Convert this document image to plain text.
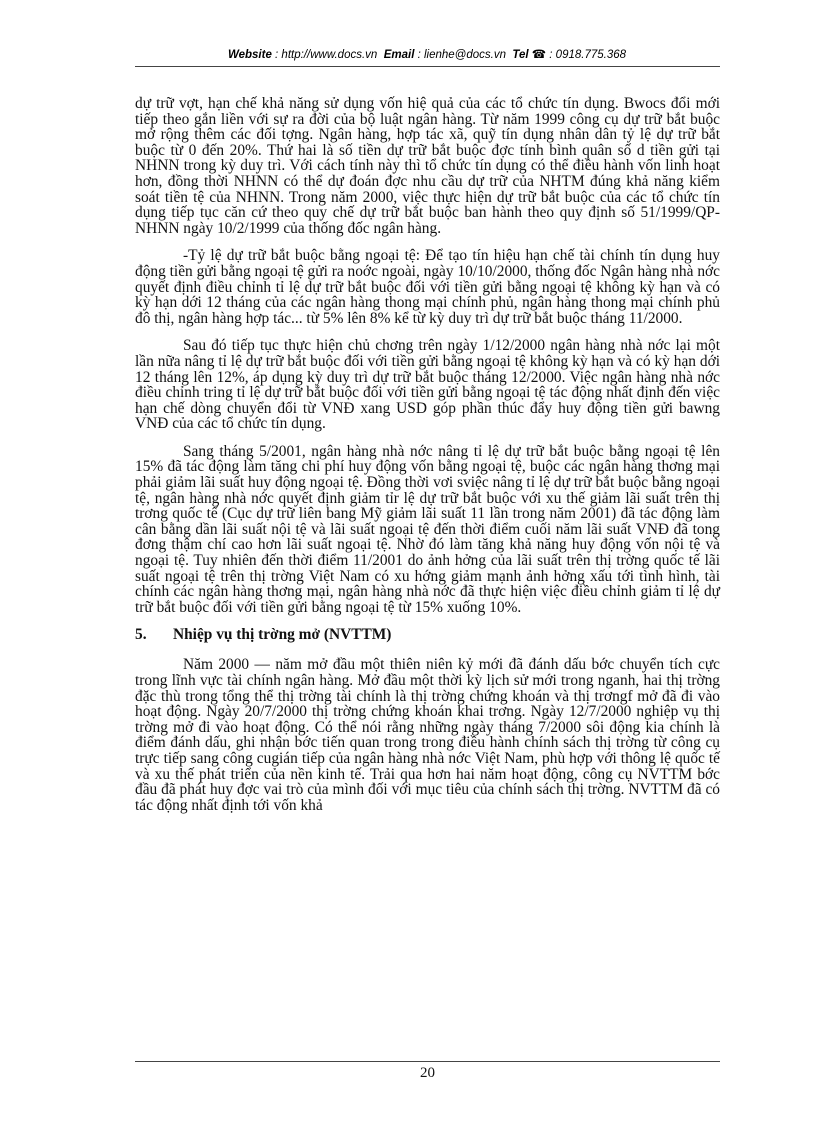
Website : http://www.docs.vn Email : lienhe@docs.vn Tel ☎ : 0918.775.368

dự trữ vợt, hạn chế khả năng sử dụng vốn hiệ quả của các tổ chức tín dụng. Bwocs đổi mới tiếp theo gắn liền với sự ra đời của bộ luật ngân hàng. Từ năm 1999 công cụ dự trữ bắt buộc mở rộng thêm các đối tợng. Ngân hàng, hợp tác xã, quỹ tín dụng nhân dân tỷ lệ dự trữ bắt buộc từ 0 đến 20%. Thứ hai là số tiền dự trữ bắt buộc đợc tính bình quân số d tiền gửi tại NHNN trong kỳ duy trì. Với cách tính này thì tổ chức tín dụng có thể điều hành vốn linh hoạt hơn, đồng thời NHNN có thể dự đoán đợc nhu cầu dự trữ của NHTM đúng khả năng kiểm soát tiền tệ của NHNN. Trong năm 2000, việc thực hiện dự trữ bắt buộc của các tổ chức tín dụng tiếp tục căn cứ theo quy chế dự trữ bắt buộc ban hành theo quy định số 51/1999/QP-NHNN ngày 10/2/1999 của thống đốc ngân hàng.

-Tỷ lệ dự trữ bắt buộc bằng ngoại tệ: Để tạo tín hiệu hạn chế tài chính tín dụng huy động tiền gửi bằng ngoại tệ gửi ra noớc ngoài, ngày 10/10/2000, thống đốc Ngân hàng nhà nớc quyết định điều chỉnh tỉ lệ dự trữ bắt buộc đối với tiền gửi bằng ngoại tệ không kỳ hạn và có kỳ hạn dới 12 tháng của các ngân hàng thong mại chính phủ, ngân hàng thong mại chính phủ đô thị, ngân hàng hợp tác... từ 5% lên 8% kể từ kỳ duy trì dự trữ bắt buộc tháng 11/2000.

Sau đó tiếp tục thực hiện chủ chơng trên ngày 1/12/2000 ngân hàng nhà nớc lại một lần nữa nâng tỉ lệ dự trữ bắt buộc đối với tiền gửi bằng ngoại tệ không kỳ hạn và có kỳ hạn dới 12 tháng lên 12%, áp dụng kỳ duy trì dự trữ bắt buộc tháng 12/2000. Việc ngân hàng nhà nớc điều chỉnh tring tỉ lệ dự trữ bắt buộc đối với tiền gửi bằng ngoại tệ tác động nhất định đến việc hạn chế dòng chuyển đổi từ VNĐ xang USD góp phần thúc đẩy huy động tiền gửi bawng VNĐ của các tổ chức tín dụng.

Sang tháng 5/2001, ngân hàng nhà nớc nâng tỉ lệ dự trữ bắt buộc bằng ngoại tệ lên 15% đã tác động làm tăng chi phí huy động vốn bằng ngoại tệ, buộc các ngân hàng thơng mại phải giảm lãi suất huy động ngoại tệ. Đồng thời vơi sviệc nâng tỉ lệ dự trữ bắt buộc bằng ngoại tệ, ngân hàng nhà nớc quyết định giảm tỉr lệ dự trữ bắt buộc với xu thế giảm lãi suất trên thị trơng quốc tế (Cục dự trữ liên bang Mỹ giảm lãi suất 11 lần trong năm 2001) đã tác động làm cân bằng dần lãi suất nội tệ và lãi suất ngoại tệ đến thời điểm cuối năm lãi suất VNĐ đã tong đơng thậm chí cao hơn lãi suất ngoại tệ. Nhờ đó làm tăng khả năng huy động vốn nội tệ và ngoại tệ. Tuy nhiên đến thời điểm 11/2001 do ảnh hởng của lãi suất trên thị trờng quốc tế lãi suất ngoại tệ trên thị trờng Việt Nam có xu hớng giảm mạnh ảnh hởng xấu tới tình hình, tài chính các ngân hàng thơng mại, ngân hàng nhà nớc đã thực hiện việc điều chỉnh giảm tỉ lệ dự trữ bắt buộc đối với tiền gửi bằng ngoại tệ từ 15% xuống 10%.

5. Nhiệp vụ thị trờng mở (NVTTM)

Năm 2000 — năm mở đầu một thiên niên kỷ mới đã đánh dấu bớc chuyển tích cực trong lĩnh vực tài chính ngân hàng. Mở đầu một thời kỳ lịch sử mới trong nganh, hai thị trờng đặc thù trong tổng thể thị trờng tài chính là thị trờng chứng khoán và thị trơngf mở đã đi vào hoạt động. Ngày 20/7/2000 thị trờng chứng khoán khai trơng. Ngày 12/7/2000 nghiệp vụ thị trờng mở đi vào hoạt động. Có thể nói rằng những ngày tháng 7/2000 sôi động kia chính là điểm đánh dấu, ghi nhận bớc tiến quan trong trong điều hành chính sách thị trờng từ công cụ trực tiếp sang công cugián tiếp của ngân hàng nhà nớc Việt Nam, phù hợp với thông lệ quốc tế và xu thế phát triển của nền kinh tế. Trải qua hơn hai năm hoạt động, công cụ NVTTM bớc đầu đã phát huy đợc vai trò của mình đối với mục tiêu của chính sách thị trờng. NVTTM đã có tác động nhất định tới vốn khả

20
